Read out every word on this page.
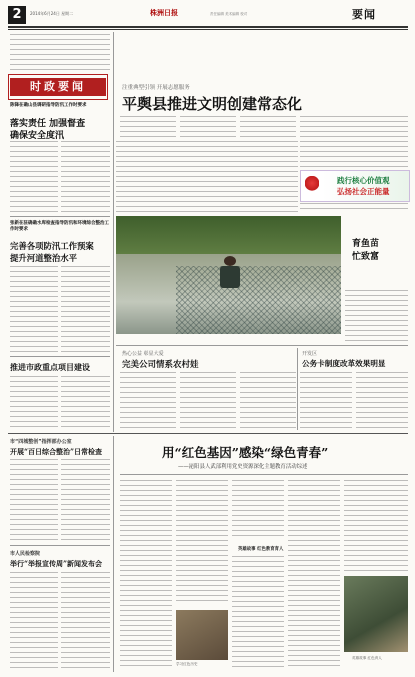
2	2014年6月24日 星期二	株洲日报	责任编辑 美术编辑 校对	要闻
时政要闻
陈锋在确山县调研指导防汛工作时要求
落实责任 加强督查
确保安全度汛
张新在驻确确水库检查指导防汛和环境综合整治工作时要求
完善各项防汛工作预案
提升河道整治水平
推进市政重点项目建设
注重典型引领 开展志愿服务
平舆县推进文明创建常态化
践行核心价值观
弘扬社会正能量
育鱼苗
忙致富
热心公益 彰显大爱
完美公司情系农村娃
开发区
公务卡制度改革效果明显
市“四城整创”指挥部办公室
开展“百日综合整治”日常检查
市人民检察院
举行“举报宣传周”新闻发布会
用“红色基因”感染“绿色青春”
——泌阳县人武部利用党史资源深化主题教育活动综述
学习红色历史
英雄故事 红色教育育人
英雄故事 红色育人
